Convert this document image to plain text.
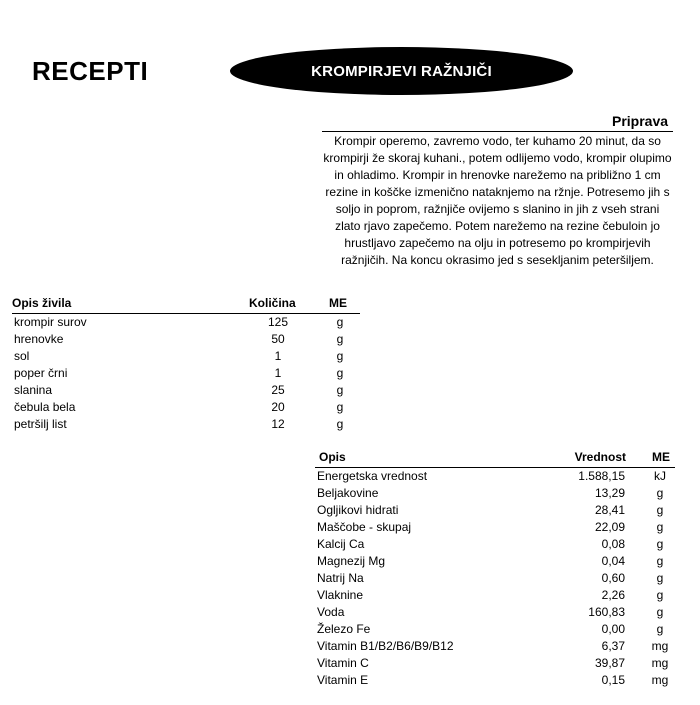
RECEPTI	KROMPIRJEVI RAŽNJIČI
Priprava
Krompir operemo, zavremo vodo, ter kuhamo 20 minut, da so krompirji že skoraj kuhani., potem odlijemo vodo, krompir olupimo in ohladimo. Krompir in hrenovke narežemo na približno 1 cm rezine in koščke izmenično nataknjemo na ržnje. Potresemo jih s soljo in poprom, ražnjiče ovijemo s slanino in jih z vseh strani zlato rjavo zapečemo. Potem narežemo na rezine čebuloin jo hrustljavo zapečemo na olju in potresemo po krompirjevih ražnjičih. Na koncu okrasimo jed s sesekljanim peteršiljem.
Opis živila	Količina	ME
krompir surov	125	g
hrenovke	50	g
sol	1	g
poper črni	1	g
slanina	25	g
čebula bela	20	g
petršilj list	12	g
Opis	Vrednost ME
Energetska vrednost	1.588,15	kJ
Beljakovine	13,29	g
Ogljikovi hidrati	28,41	g
Maščobe - skupaj	22,09	g
Kalcij Ca	0,08	g
Magnezij Mg	0,04	g
Natrij Na	0,60	g
Vlaknine	2,26	g
Voda	160,83	g
Železo Fe	0,00	g
Vitamin B1/B2/B6/B9/B12	6,37	mg
Vitamin C	39,87	mg
Vitamin E	0,15	mg
